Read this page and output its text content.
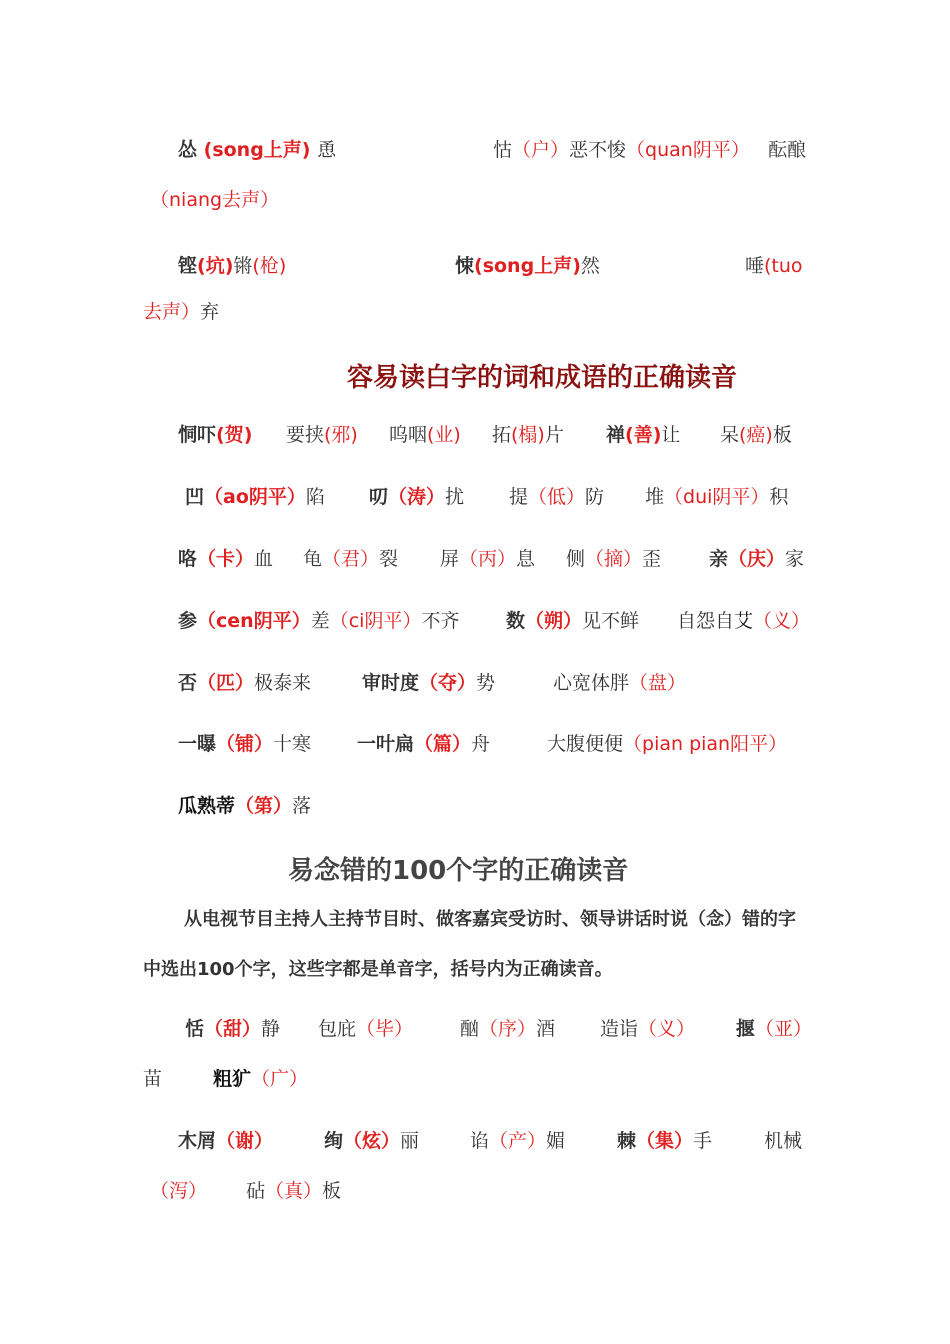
怂 (song上声) 恿	怙（户）恶不悛（quan阴平） 酝酿
（niang去声）
铿(坑)锵(枪)	悚(song上声)然	唾(tuo
去声）弃
容易读白字的词和成语的正确读音
恫吓(贺) 要挟(邪) 呜咽(业) 拓(榻)片 禅(善)让 呆(癌)板
凹（ao阴平）陷 叨（涛）扰 提（低）防 堆（dui阴平）积
咯（卡）血 龟（君）裂 屏（丙）息 侧（摘）歪	亲（庆）家
参（cen阴平）差（ci阴平）不齐 数（朔）见不鲜 自怨自艾（义）
否（匹）极泰来	审时度（夺）势	心宽体胖（盘）
一曝（铺）十寒 一叶扁（篇）舟	大腹便便（pian pian阳平）
瓜熟蒂（第）落
易念错的100个字的正确读音
从电视节目主持人主持节目时、做客嘉宾受访时、领导讲话时说（念）错的字
中选出100个字，这些字都是单音字，括号内为正确读音。
恬（甜）静 包庇（毕） 酗（序）酒 造诣（义） 揠（亚）
苗	粗犷（广）
木屑（谢）	绚（炫）丽	谄（产）媚	棘（集）手	机械
（泻） 砧（真）板
